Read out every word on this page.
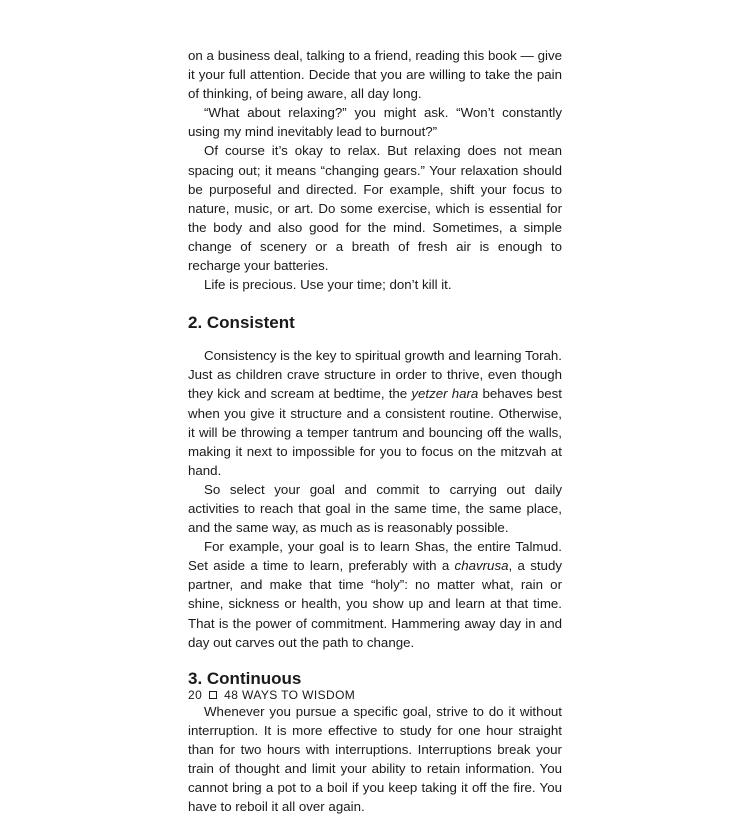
on a business deal, talking to a friend, reading this book — give it your full attention. Decide that you are willing to take the pain of thinking, of being aware, all day long.

“What about relaxing?” you might ask. “Won’t constantly using my mind inevitably lead to burnout?”

Of course it’s okay to relax. But relaxing does not mean spacing out; it means “changing gears.” Your relaxation should be purposeful and directed. For example, shift your focus to nature, music, or art. Do some exercise, which is essential for the body and also good for the mind. Sometimes, a simple change of scenery or a breath of fresh air is enough to recharge your batteries.

Life is precious. Use your time; don’t kill it.

2. Consistent

Consistency is the key to spiritual growth and learning Torah. Just as children crave structure in order to thrive, even though they kick and scream at bedtime, the yetzer hara behaves best when you give it structure and a consistent routine. Otherwise, it will be throwing a temper tantrum and bouncing off the walls, making it next to impossible for you to focus on the mitzvah at hand.

So select your goal and commit to carrying out daily activities to reach that goal in the same time, the same place, and the same way, as much as is reasonably possible.

For example, your goal is to learn Shas, the entire Talmud. Set aside a time to learn, preferably with a chavrusa, a study partner, and make that time “holy”: no matter what, rain or shine, sickness or health, you show up and learn at that time. That is the power of commitment. Hammering away day in and day out carves out the path to change.

3. Continuous

Whenever you pursue a specific goal, strive to do it without interruption. It is more effective to study for one hour straight than for two hours with interruptions. Interruptions break your train of thought and limit your ability to retain information. You cannot bring a pot to a boil if you keep taking it off the fire. You have to reboil it all over again.

20 48 WAYS TO WISDOM
